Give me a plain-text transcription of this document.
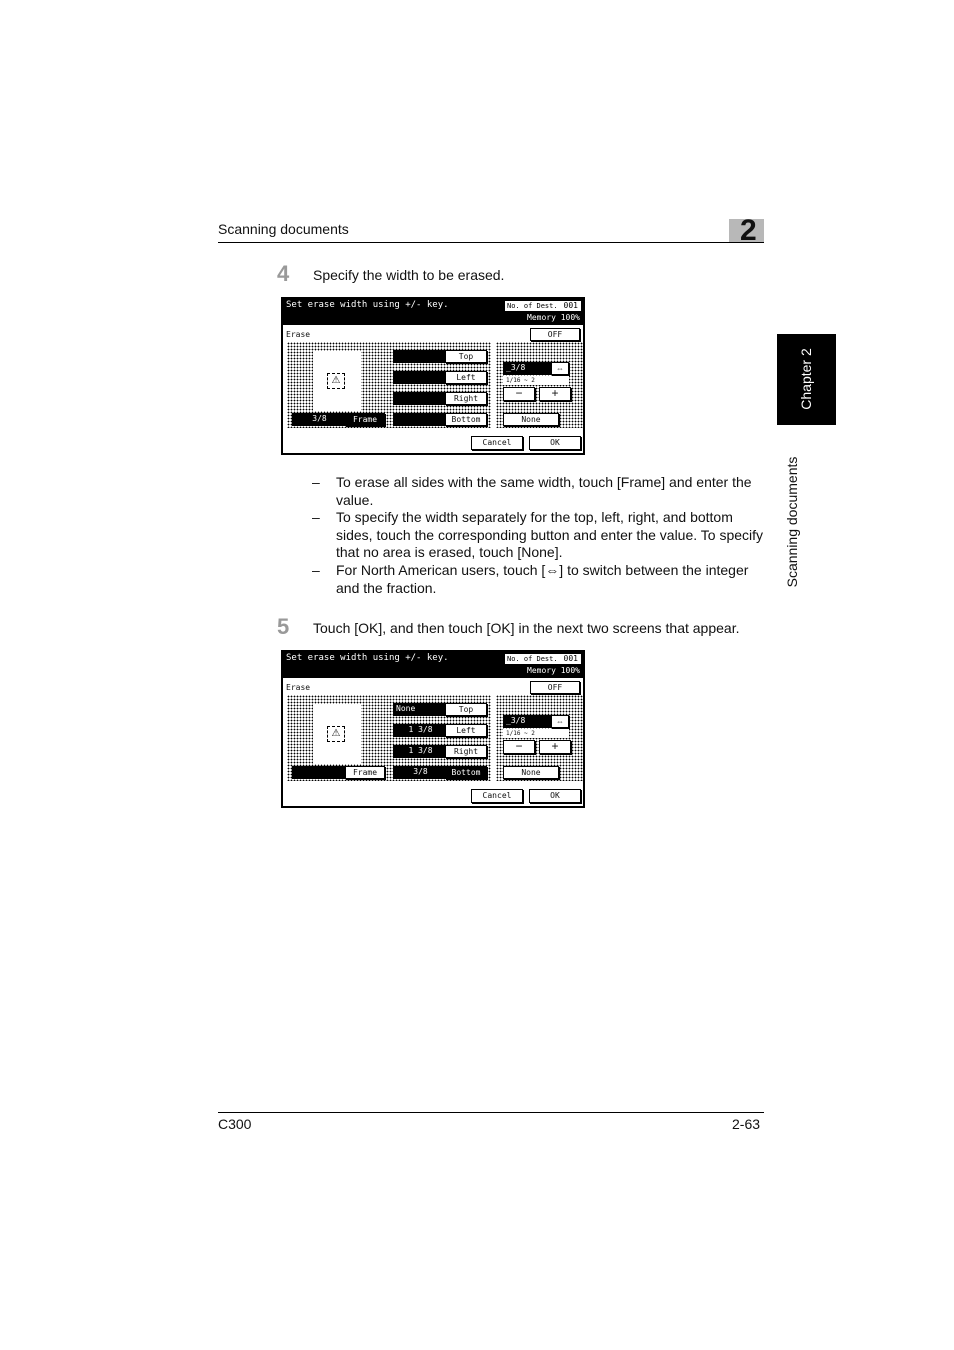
Scanning documents	2
Chapter 2
Scanning documents
4 Specify the width to be erased.
Set erase width using +/- key.	No. of Dest. 001
Memory 100%
Erase	OFF
⚠
Top
Left
Right
Bottom
3/8	Frame
_3/8	⇔
1/16 ~ 2
−	+
None
Cancel	OK
–	To erase all sides with the same width, touch [Frame] and enter the value.
–	To specify the width separately for the top, left, right, and bottom sides, touch the corresponding button and enter the value. To specify that no area is erased, touch [None].
–	For North American users, touch [⇔] to switch between the integer and the fraction.
5 Touch [OK], and then touch [OK] in the next two screens that appear.
Set erase width using +/- key.	No. of Dest. 001
Memory 100%
Erase	OFF
⚠
None	Top
1 3/8	Left
1 3/8	Right
3/8	Bottom
Frame
_3/8	⇔
1/16 ~ 2
−	+
None
Cancel	OK
C300	2-63
